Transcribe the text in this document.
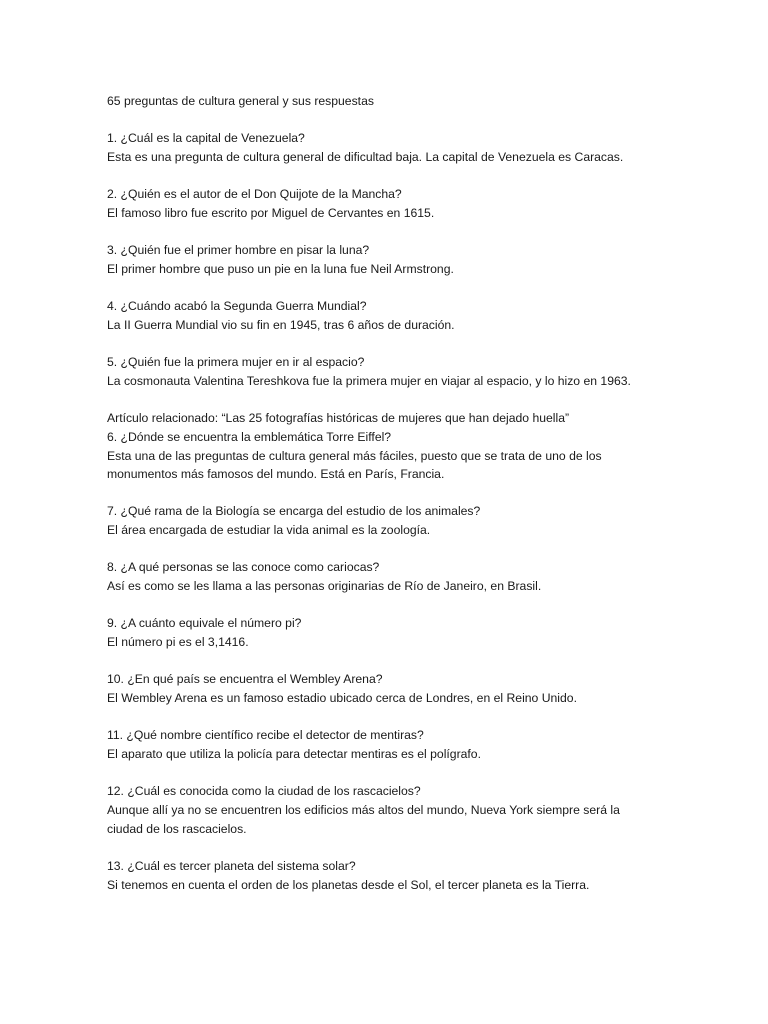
65 preguntas de cultura general y sus respuestas
1. ¿Cuál es la capital de Venezuela?
Esta es una pregunta de cultura general de dificultad baja. La capital de Venezuela es Caracas.
2. ¿Quién es el autor de el Don Quijote de la Mancha?
El famoso libro fue escrito por Miguel de Cervantes en 1615.
3. ¿Quién fue el primer hombre en pisar la luna?
El primer hombre que puso un pie en la luna fue Neil Armstrong.
4. ¿Cuándo acabó la Segunda Guerra Mundial?
La II Guerra Mundial vio su fin en 1945, tras 6 años de duración.
5. ¿Quién fue la primera mujer en ir al espacio?
La cosmonauta Valentina Tereshkova fue la primera mujer en viajar al espacio, y lo hizo en 1963.
Artículo relacionado: “Las 25 fotografías históricas de mujeres que han dejado huella”
6. ¿Dónde se encuentra la emblemática Torre Eiffel?
Esta una de las preguntas de cultura general más fáciles, puesto que se trata de uno de los
monumentos más famosos del mundo. Está en París, Francia.
7. ¿Qué rama de la Biología se encarga del estudio de los animales?
El área encargada de estudiar la vida animal es la zoología.
8. ¿A qué personas se las conoce como cariocas?
Así es como se les llama a las personas originarias de Río de Janeiro, en Brasil.
9. ¿A cuánto equivale el número pi?
El número pi es el 3,1416.
10. ¿En qué país se encuentra el Wembley Arena?
El Wembley Arena es un famoso estadio ubicado cerca de Londres, en el Reino Unido.
11. ¿Qué nombre científico recibe el detector de mentiras?
El aparato que utiliza la policía para detectar mentiras es el polígrafo.
12. ¿Cuál es conocida como la ciudad de los rascacielos?
Aunque allí ya no se encuentren los edificios más altos del mundo, Nueva York siempre será la
ciudad de los rascacielos.
13. ¿Cuál es tercer planeta del sistema solar?
Si tenemos en cuenta el orden de los planetas desde el Sol, el tercer planeta es la Tierra.
